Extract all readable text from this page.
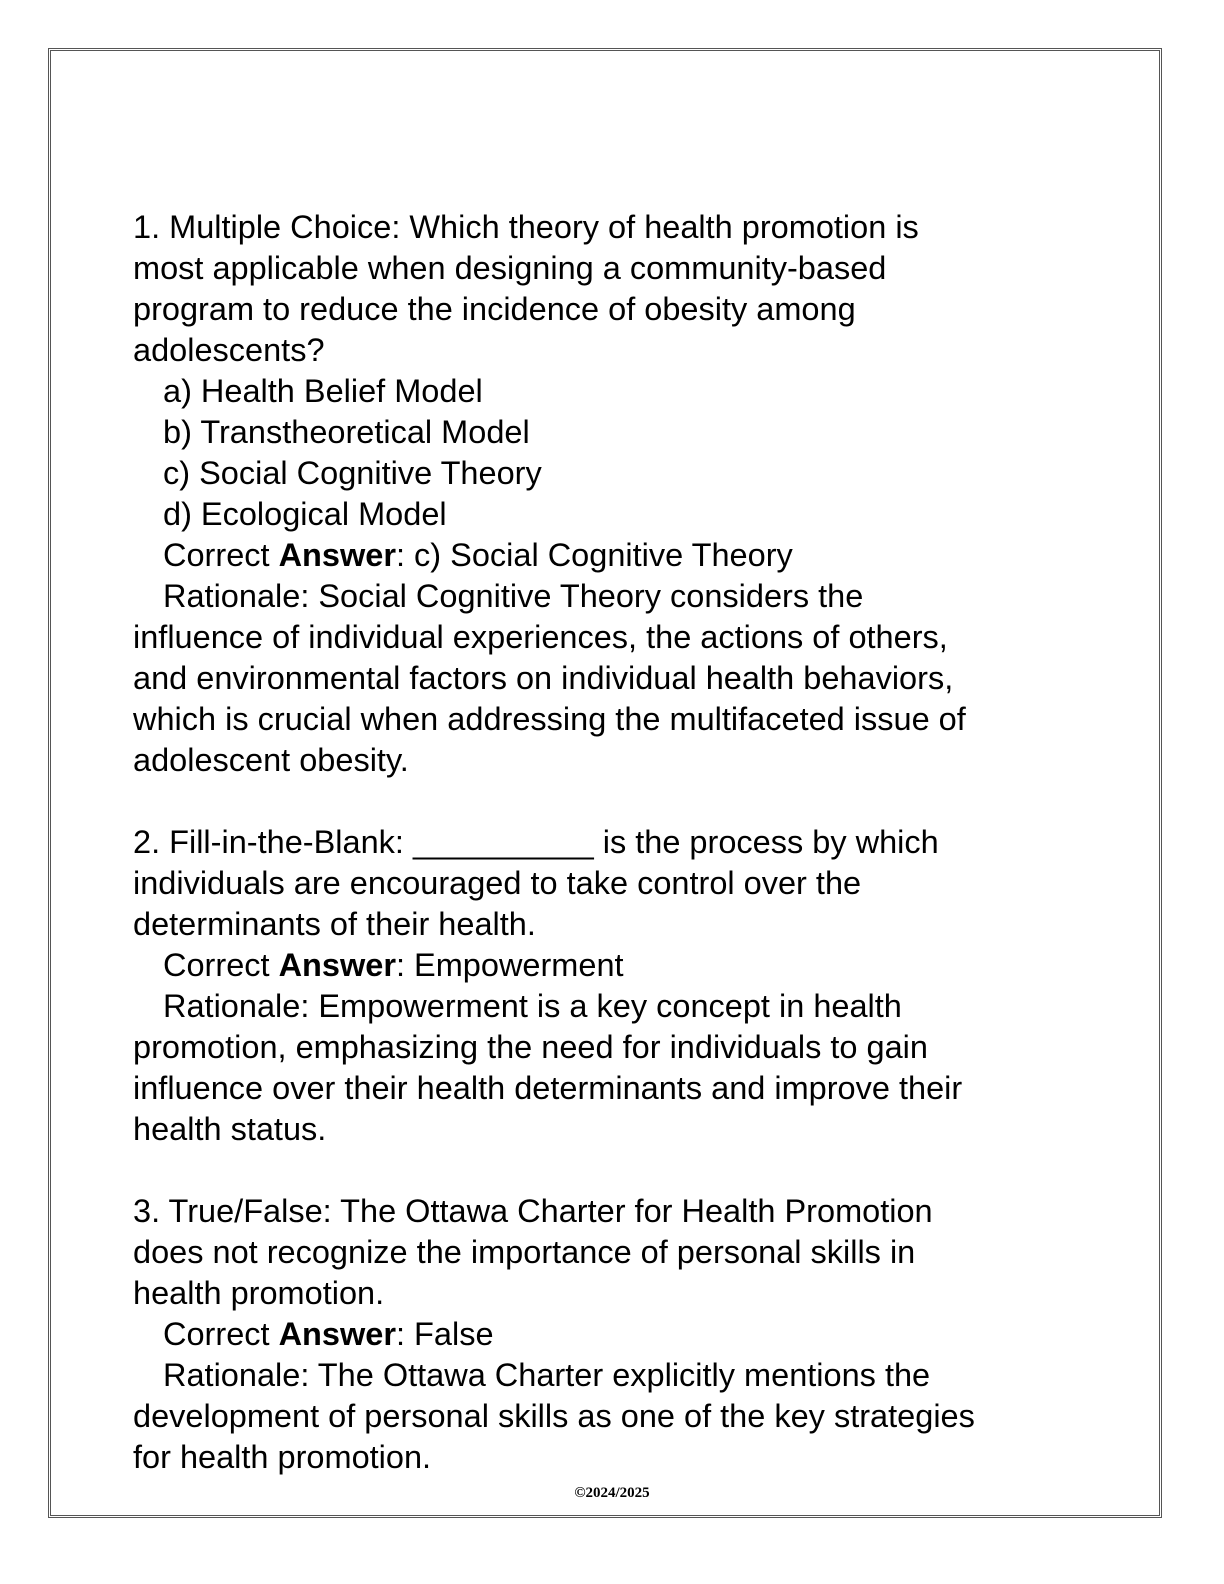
1. Multiple Choice: Which theory of health promotion is

most applicable when designing a community-based

program to reduce the incidence of obesity among

adolescents?

a) Health Belief Model

b) Transtheoretical Model

c) Social Cognitive Theory

d) Ecological Model

Correct Answer: c) Social Cognitive Theory

Rationale: Social Cognitive Theory considers the

influence of individual experiences, the actions of others,

and environmental factors on individual health behaviors,

which is crucial when addressing the multifaceted issue of

adolescent obesity.

2. Fill-in-the-Blank: __________ is the process by which

individuals are encouraged to take control over the

determinants of their health.

Correct Answer: Empowerment

Rationale: Empowerment is a key concept in health

promotion, emphasizing the need for individuals to gain

influence over their health determinants and improve their

health status.

3. True/False: The Ottawa Charter for Health Promotion

does not recognize the importance of personal skills in

health promotion.

Correct Answer: False

Rationale: The Ottawa Charter explicitly mentions the

development of personal skills as one of the key strategies

for health promotion.

©2024/2025
